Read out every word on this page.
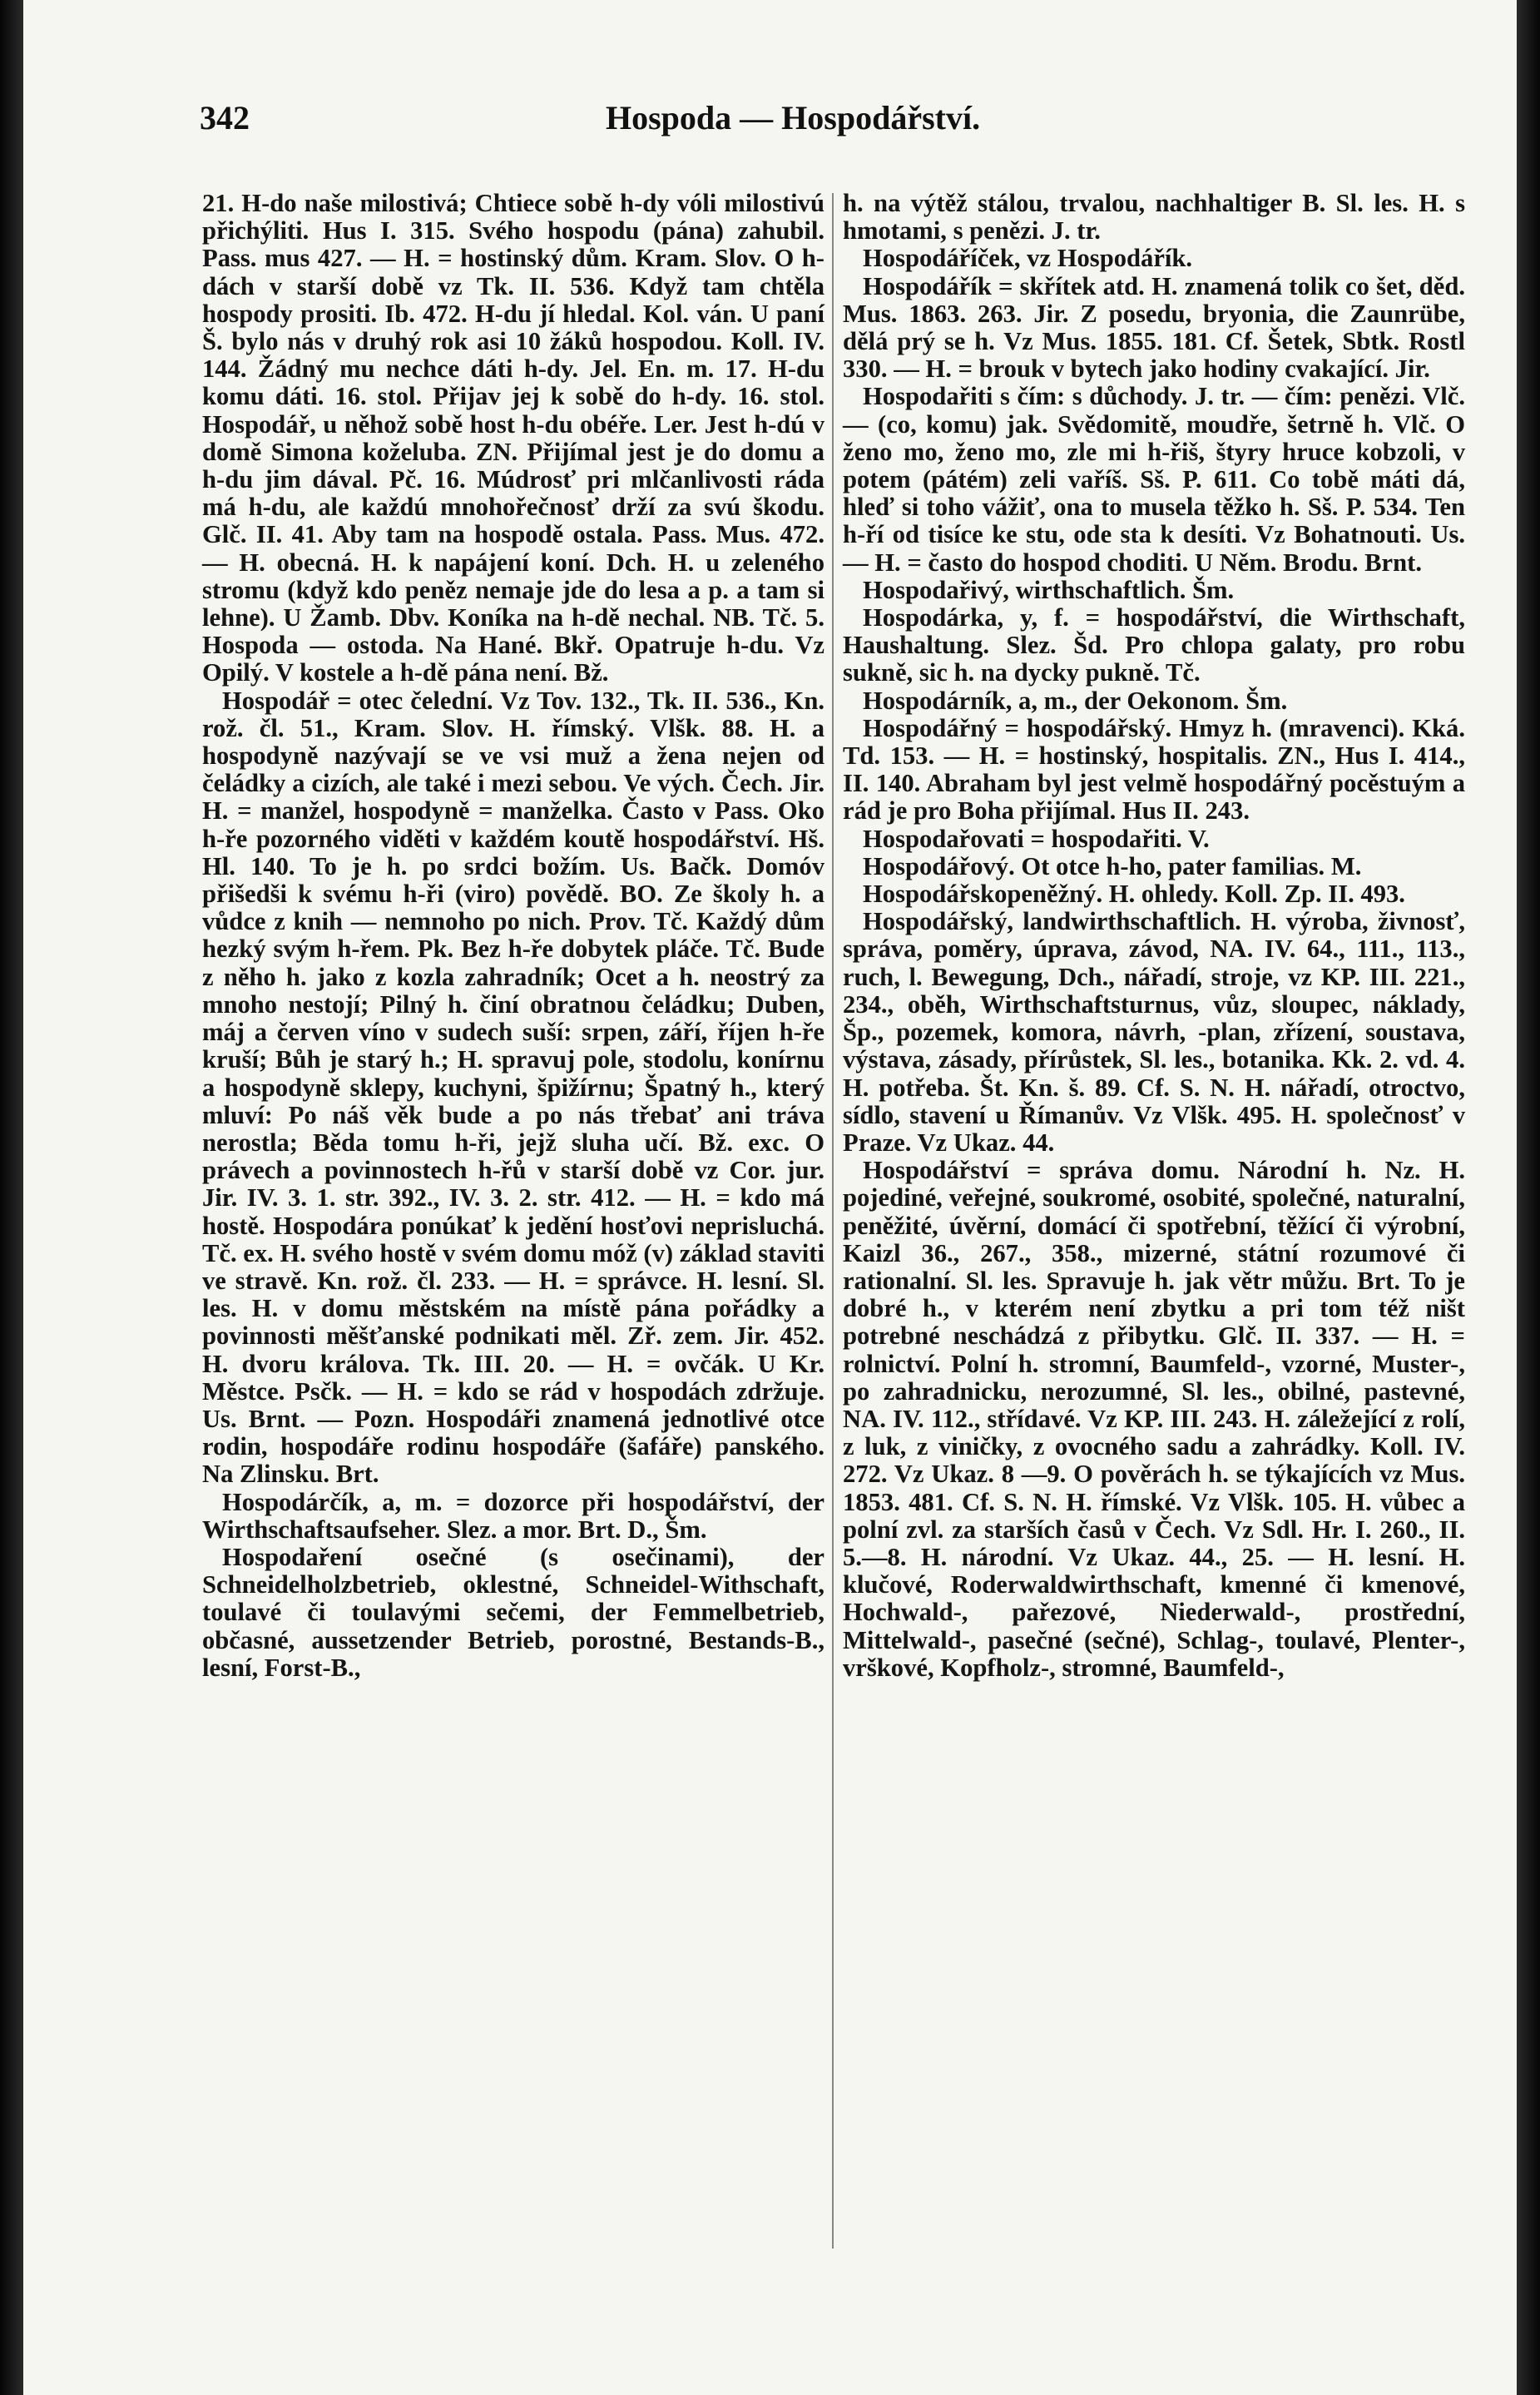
342	Hospoda — Hospodářství.

21. H-do naše milostivá; Chtiece sobě h-dy vóli milostivú přichýliti. Hus I. 315. Svého hospodu (pána) zahubil. Pass. mus 427. — H. = hostinský dům. Kram. Slov. O h-dách v starší době vz Tk. II. 536. Když tam chtěla hospody prositi. Ib. 472. H-du jí hledal. Kol. ván. U paní Š. bylo nás v druhý rok asi 10 žáků hospodou. Koll. IV. 144. Žádný mu nechce dáti h-dy. Jel. En. m. 17. H-du komu dáti. 16. stol. Přijav jej k sobě do h-dy. 16. stol. Hospodář, u něhož sobě host h-du obéře. Ler. Jest h-dú v domě Simona koželuba. ZN. Přijímal jest je do domu a h-du jim dával. Pč. 16. Múdrosť pri mlčanlivosti ráda má h-du, ale každú mnohořečnosť drží za svú škodu. Glč. II. 41. Aby tam na hospodě ostala. Pass. Mus. 472. — H. obecná. H. k napájení koní. Dch. H. u zeleného stromu (když kdo peněz nemaje jde do lesa a p. a tam si lehne). U Žamb. Dbv. Koníka na h-dě nechal. NB. Tč. 5. Hospoda — ostoda. Na Hané. Bkř. Opatruje h-du. Vz Opilý. V kostele a h-dě pána není. Bž.

Hospodář = otec čelední. Vz Tov. 132., Tk. II. 536., Kn. rož. čl. 51., Kram. Slov. H. římský. Vlšk. 88. H. a hospodyně nazývají se ve vsi muž a žena nejen od čeládky a cizích, ale také i mezi sebou. Ve vých. Čech. Jir. H. = manžel, hospodyně = manželka. Často v Pass. Oko h-ře pozorného viděti v každém koutě hospodářství. Hš. Hl. 140. To je h. po srdci božím. Us. Bačk. Domóv přišedši k svému h-ři (viro) povědě. BO. Ze školy h. a vůdce z knih — nemnoho po nich. Prov. Tč. Každý dům hezký svým h-řem. Pk. Bez h-ře dobytek pláče. Tč. Bude z něho h. jako z kozla zahradník; Ocet a h. neostrý za mnoho nestojí; Pilný h. činí obratnou čeládku; Duben, máj a červen víno v sudech suší: srpen, září, říjen h-ře kruší; Bůh je starý h.; H. spravuj pole, stodolu, konírnu a hospodyně sklepy, kuchyni, špižírnu; Špatný h., který mluví: Po náš věk bude a po nás třebať ani tráva nerostla; Běda tomu h-ři, jejž sluha učí. Bž. exc. O právech a povinnostech h-řů v starší době vz Cor. jur. Jir. IV. 3. 1. str. 392., IV. 3. 2. str. 412. — H. = kdo má hostě. Hospodára ponúkať k jedění hosťovi neprisluchá. Tč. ex. H. svého hostě v svém domu móž (v) základ staviti ve stravě. Kn. rož. čl. 233. — H. = správce. H. lesní. Sl. les. H. v domu městském na místě pána pořádky a povinnosti měšťanské podnikati měl. Zř. zem. Jir. 452. H. dvoru králova. Tk. III. 20. — H. = ovčák. U Kr. Městce. Psčk. — H. = kdo se rád v hospodách zdržuje. Us. Brnt. — Pozn. Hospodáři znamená jednotlivé otce rodin, hospodáře rodinu hospodáře (šafáře) panského. Na Zlinsku. Brt.

Hospodárčík, a, m. = dozorce při hospodářství, der Wirthschaftsaufseher. Slez. a mor. Brt. D., Šm.

Hospodaření osečné (s osečinami), der Schneidelholzbetrieb, oklestné, Schneidel-Withschaft, toulavé či toulavými sečemi, der Femmelbetrieb, občasné, aussetzender Betrieb, porostné, Bestands-B., lesní, Forst-B.,

h. na výtěž stálou, trvalou, nachhaltiger B. Sl. les. H. s hmotami, s penězi. J. tr.

Hospodáříček, vz Hospodářík.

Hospodářík = skřítek atd. H. znamená tolik co šet, děd. Mus. 1863. 263. Jir. Z posedu, bryonia, die Zaunrübe, dělá prý se h. Vz Mus. 1855. 181. Cf. Šetek, Sbtk. Rostl 330. — H. = brouk v bytech jako hodiny cvakající. Jir.

Hospodařiti s čím: s důchody. J. tr. — čím: penězi. Vlč. — (co, komu) jak. Svědomitě, moudře, šetrně h. Vlč. O ženo mo, ženo mo, zle mi h-řiš, štyry hruce kobzoli, v potem (pátém) zeli vaříš. Sš. P. 611. Co tobě máti dá, hleď si toho vážiť, ona to musela těžko h. Sš. P. 534. Ten h-ří od tisíce ke stu, ode sta k desíti. Vz Bohatnouti. Us. — H. = často do hospod choditi. U Něm. Brodu. Brnt.

Hospodařivý, wirthschaftlich. Šm.

Hospodárka, y, f. = hospodářství, die Wirthschaft, Haushaltung. Slez. Šd. Pro chlopa galaty, pro robu sukně, sic h. na dycky pukně. Tč.

Hospodárník, a, m., der Oekonom. Šm.

Hospodářný = hospodářský. Hmyz h. (mravenci). Kká. Td. 153. — H. = hostinský, hospitalis. ZN., Hus I. 414., II. 140. Abraham byl jest velmě hospodářný pocěstuým a rád je pro Boha přijímal. Hus II. 243.

Hospodařovati = hospodařiti. V.

Hospodářový. Ot otce h-ho, pater familias. M.

Hospodářskopeněžný. H. ohledy. Koll. Zp. II. 493.

Hospodářský, landwirthschaftlich. H. výroba, živnosť, správa, poměry, úprava, závod, NA. IV. 64., 111., 113., ruch, l. Bewegung, Dch., nářadí, stroje, vz KP. III. 221., 234., oběh, Wirthschaftsturnus, vůz, sloupec, náklady, Šp., pozemek, komora, návrh, -plan, zřízení, soustava, výstava, zásady, přírůstek, Sl. les., botanika. Kk. 2. vd. 4. H. potřeba. Št. Kn. š. 89. Cf. S. N. H. nářadí, otroctvo, sídlo, stavení u Římanův. Vz Vlšk. 495. H. společnosť v Praze. Vz Ukaz. 44.

Hospodářství = správa domu. Národní h. Nz. H. pojediné, veřejné, soukromé, osobité, společné, naturalní, peněžité, úvěrní, domácí či spotřební, těžící či výrobní, Kaizl 36., 267., 358., mizerné, státní rozumové či rationalní. Sl. les. Spravuje h. jak větr můžu. Brt. To je dobré h., v kterém není zbytku a pri tom též ništ potrebné neschádzá z přibytku. Glč. II. 337. — H. = rolnictví. Polní h. stromní, Baumfeld-, vzorné, Muster-, po zahradnicku, nerozumné, Sl. les., obilné, pastevné, NA. IV. 112., střídavé. Vz KP. III. 243. H. záležející z rolí, z luk, z viničky, z ovocného sadu a zahrádky. Koll. IV. 272. Vz Ukaz. 8 —9. O pověrách h. se týkajících vz Mus. 1853. 481. Cf. S. N. H. římské. Vz Vlšk. 105. H. vůbec a polní zvl. za starších časů v Čech. Vz Sdl. Hr. I. 260., II. 5.—8. H. národní. Vz Ukaz. 44., 25. — H. lesní. H. klučové, Roderwaldwirthschaft, kmenné či kmenové, Hochwald-, pařezové, Niederwald-, prostřední, Mittelwald-, pasečné (sečné), Schlag-, toulavé, Plenter-, vrškové, Kopfholz-, stromné, Baumfeld-,
